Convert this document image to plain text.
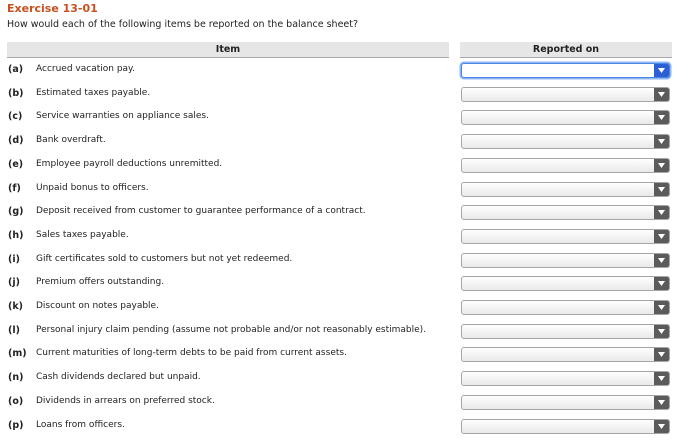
Exercise 13-01
How would each of the following items be reported on the balance sheet?
Item	Reported on
(a) Accrued vacation pay.
(b) Estimated taxes payable.
(c) Service warranties on appliance sales.
(d) Bank overdraft.
(e) Employee payroll deductions unremitted.
(f) Unpaid bonus to officers.
(g) Deposit received from customer to guarantee performance of a contract.
(h) Sales taxes payable.
(i) Gift certificates sold to customers but not yet redeemed.
(j) Premium offers outstanding.
(k) Discount on notes payable.
(l) Personal injury claim pending (assume not probable and/or not reasonably estimable).
(m) Current maturities of long-term debts to be paid from current assets.
(n) Cash dividends declared but unpaid.
(o) Dividends in arrears on preferred stock.
(p) Loans from officers.
